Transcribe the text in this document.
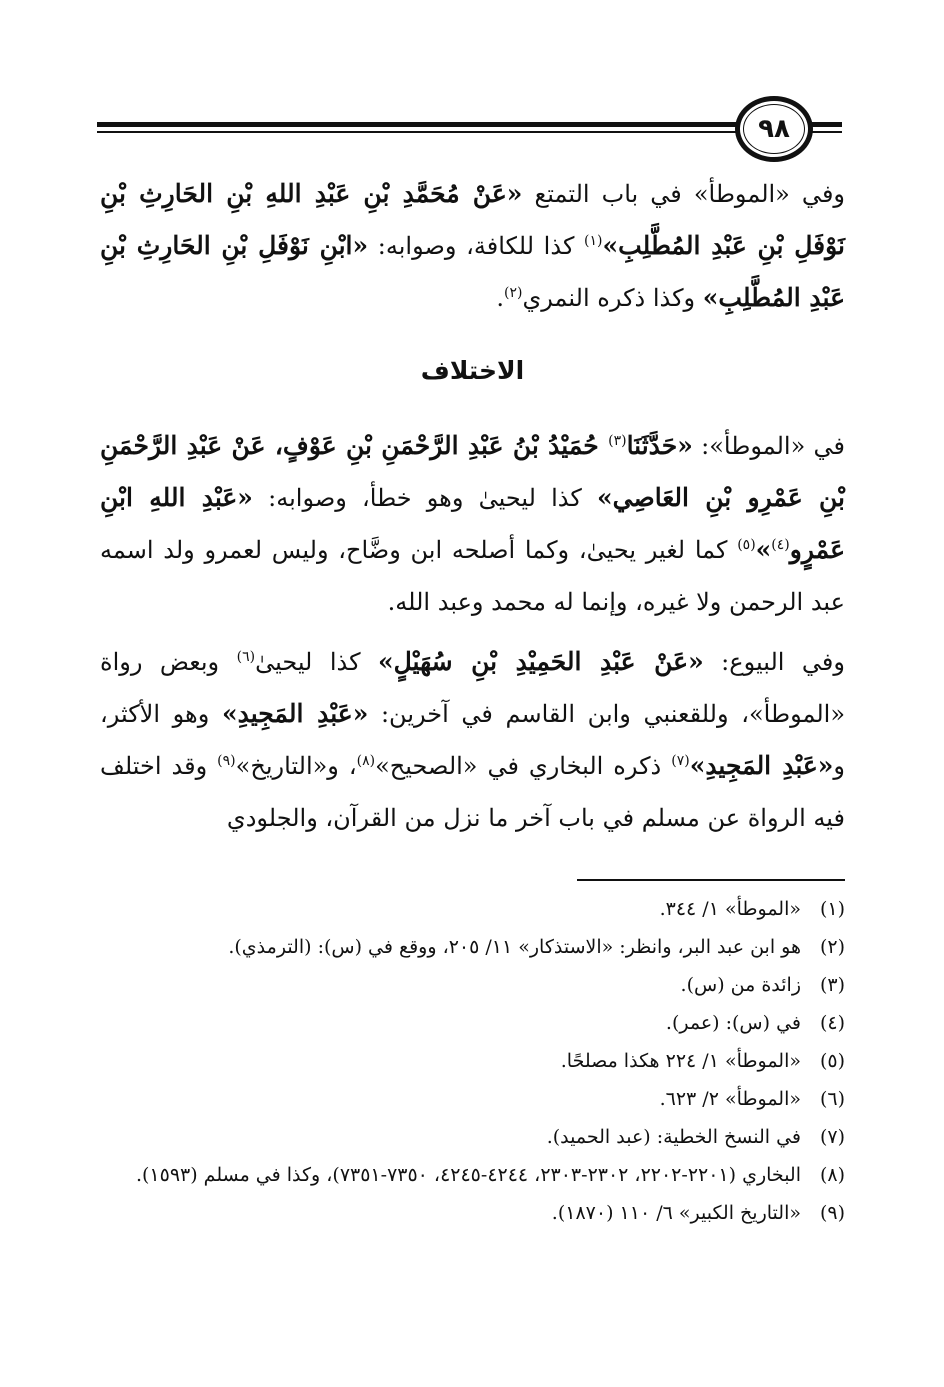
٩٨

وفي «الموطأ» في باب التمتع «عَنْ مُحَمَّدِ بْنِ عَبْدِ اللهِ بْنِ الحَارِثِ بْنِ نَوْفَلِ بْنِ عَبْدِ المُطَّلِبِ»$^{(١)}$ كذا للكافة، وصوابه: «ابْنِ نَوْفَلِ بْنِ الحَارِثِ بْنِ عَبْدِ المُطَّلِبِ» وكذا ذكره النمري$^{(٢)}$.

الاختلاف

في «الموطأ»: «حَدَّثَنَا$^{(٣)}$ حُمَيْدُ بْنُ عَبْدِ الرَّحْمَنِ بْنِ عَوْفٍ، عَنْ عَبْدِ الرَّحْمَنِ بْنِ عَمْرِو بْنِ العَاصِي» كذا ليحيىٰ وهو خطأ، وصوابه: «عَبْدِ اللهِ ابْنِ عَمْرٍو$^{(٤)}$»$^{(٥)}$ كما لغير يحيىٰ، وكما أصلحه ابن وضَّاح، وليس لعمرو ولد اسمه عبد الرحمن ولا غيره، وإنما له محمد وعبد الله.

وفي البيوع: «عَنْ عَبْدِ الحَمِيْدِ بْنِ سُهَيْلٍ» كذا ليحيىٰ$^{(٦)}$ وبعض رواة «الموطأ»، وللقعنبي وابن القاسم في آخرين: «عَبْدِ المَجِيدِ» وهو الأكثر، و«عَبْدِ المَجِيدِ»$^{(٧)}$ ذكره البخاري في «الصحيح»$^{(٨)}$، و«التاريخ»$^{(٩)}$ وقد اختلف فيه الرواة عن مسلم في باب آخر ما نزل من القرآن، والجلودي

(١)
«الموطأ» ١/ ٣٤٤.
(٢)
هو ابن عبد البر، وانظر: «الاستذكار» ١١/ ٢٠٥، ووقع في (س): (الترمذي).
(٣)
زائدة من (س).
(٤)
في (س): (عمر).
(٥)
«الموطأ» ١/ ٢٢٤ هكذا مصلحًا.
(٦)
«الموطأ» ٢/ ٦٢٣.
(٧)
في النسخ الخطية: (عبد الحميد).
(٨)
البخاري (٢٢٠١-٢٢٠٢، ٢٣٠٢-٢٣٠٣، ٤٢٤٤-٤٢٤٥، ٧٣٥٠-٧٣٥١)، وكذا في مسلم (١٥٩٣).
(٩)
«التاريخ الكبير» ٦/ ١١٠ (١٨٧٠).
